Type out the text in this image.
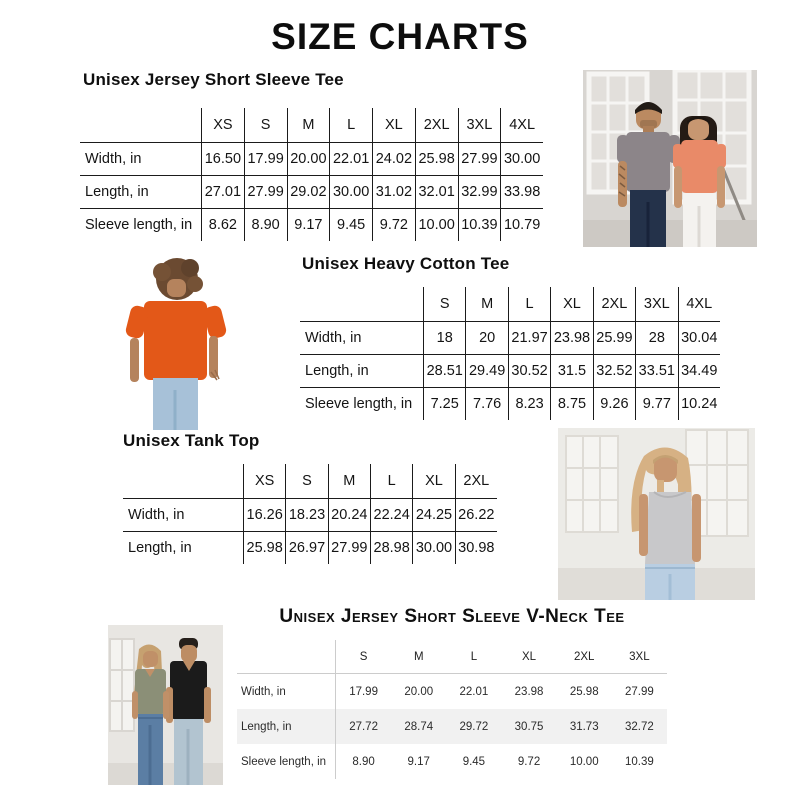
SIZE CHARTS
Unisex Jersey Short Sleeve Tee
	XS	S	M	L	XL	2XL	3XL	4XL
Width, in	16.50	17.99	20.00	22.01	24.02	25.98	27.99	30.00
Length, in	27.01	27.99	29.02	30.00	31.02	32.01	32.99	33.98
Sleeve length, in	8.62	8.90	9.17	9.45	9.72	10.00	10.39	10.79
Unisex Heavy Cotton Tee
	S	M	L	XL	2XL	3XL	4XL
Width, in	18	20	21.97	23.98	25.99	28	30.04
Length, in	28.51	29.49	30.52	31.5	32.52	33.51	34.49
Sleeve length, in	7.25	7.76	8.23	8.75	9.26	9.77	10.24
Unisex Tank Top
	XS	S	M	L	XL	2XL
Width, in	16.26	18.23	20.24	22.24	24.25	26.22
Length, in	25.98	26.97	27.99	28.98	30.00	30.98
Unisex Jersey Short Sleeve V-Neck Tee
	S	M	L	XL	2XL	3XL
Width, in	17.99	20.00	22.01	23.98	25.98	27.99
Length, in	27.72	28.74	29.72	30.75	31.73	32.72
Sleeve length, in	8.90	9.17	9.45	9.72	10.00	10.39
